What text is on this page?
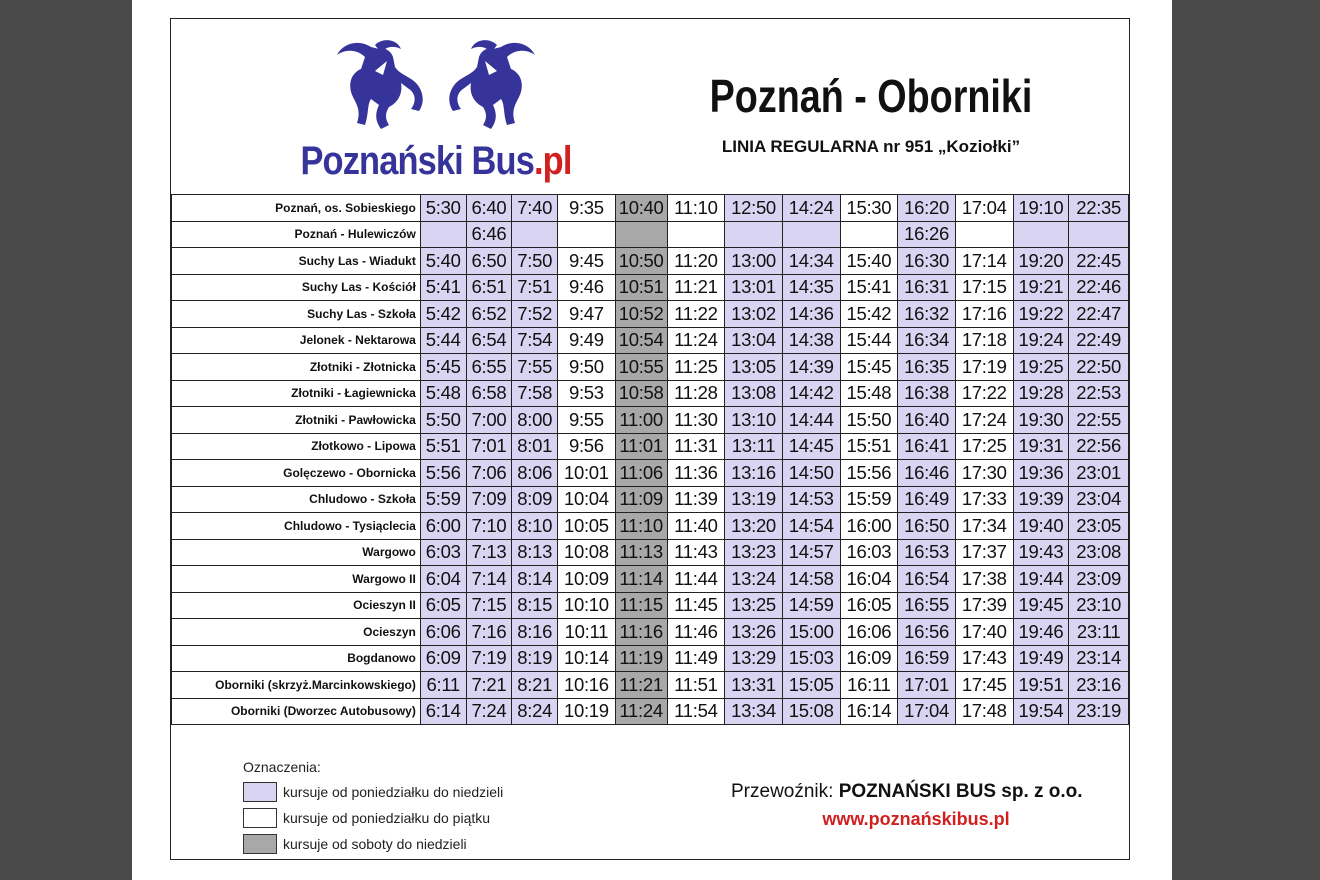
Poznański Bus.pl
Poznań - Oborniki
LINIA REGULARNA nr 951 „Koziołki”
Poznań, os. Sobieskiego	5:30	6:40	7:40	9:35	10:40	11:10	12:50	14:24	15:30	16:20	17:04	19:10	22:35
Poznań - Hulewiczów		6:46								16:26			
Suchy Las - Wiadukt	5:40	6:50	7:50	9:45	10:50	11:20	13:00	14:34	15:40	16:30	17:14	19:20	22:45
Suchy Las - Kościół	5:41	6:51	7:51	9:46	10:51	11:21	13:01	14:35	15:41	16:31	17:15	19:21	22:46
Suchy Las - Szkoła	5:42	6:52	7:52	9:47	10:52	11:22	13:02	14:36	15:42	16:32	17:16	19:22	22:47
Jelonek - Nektarowa	5:44	6:54	7:54	9:49	10:54	11:24	13:04	14:38	15:44	16:34	17:18	19:24	22:49
Złotniki - Złotnicka	5:45	6:55	7:55	9:50	10:55	11:25	13:05	14:39	15:45	16:35	17:19	19:25	22:50
Złotniki - Łagiewnicka	5:48	6:58	7:58	9:53	10:58	11:28	13:08	14:42	15:48	16:38	17:22	19:28	22:53
Złotniki - Pawłowicka	5:50	7:00	8:00	9:55	11:00	11:30	13:10	14:44	15:50	16:40	17:24	19:30	22:55
Złotkowo - Lipowa	5:51	7:01	8:01	9:56	11:01	11:31	13:11	14:45	15:51	16:41	17:25	19:31	22:56
Golęczewo - Obornicka	5:56	7:06	8:06	10:01	11:06	11:36	13:16	14:50	15:56	16:46	17:30	19:36	23:01
Chludowo - Szkoła	5:59	7:09	8:09	10:04	11:09	11:39	13:19	14:53	15:59	16:49	17:33	19:39	23:04
Chludowo - Tysiąclecia	6:00	7:10	8:10	10:05	11:10	11:40	13:20	14:54	16:00	16:50	17:34	19:40	23:05
Wargowo	6:03	7:13	8:13	10:08	11:13	11:43	13:23	14:57	16:03	16:53	17:37	19:43	23:08
Wargowo II	6:04	7:14	8:14	10:09	11:14	11:44	13:24	14:58	16:04	16:54	17:38	19:44	23:09
Ocieszyn II	6:05	7:15	8:15	10:10	11:15	11:45	13:25	14:59	16:05	16:55	17:39	19:45	23:10
Ocieszyn	6:06	7:16	8:16	10:11	11:16	11:46	13:26	15:00	16:06	16:56	17:40	19:46	23:11
Bogdanowo	6:09	7:19	8:19	10:14	11:19	11:49	13:29	15:03	16:09	16:59	17:43	19:49	23:14
Oborniki (skrzyż.Marcinkowskiego)	6:11	7:21	8:21	10:16	11:21	11:51	13:31	15:05	16:11	17:01	17:45	19:51	23:16
Oborniki (Dworzec Autobusowy)	6:14	7:24	8:24	10:19	11:24	11:54	13:34	15:08	16:14	17:04	17:48	19:54	23:19
Oznaczenia:
kursuje od poniedziałku do niedzieli
kursuje od poniedziałku do piątku
kursuje od soboty do niedzieli
Przewoźnik: POZNAŃSKI BUS sp. z o.o.
www.poznańskibus.pl
